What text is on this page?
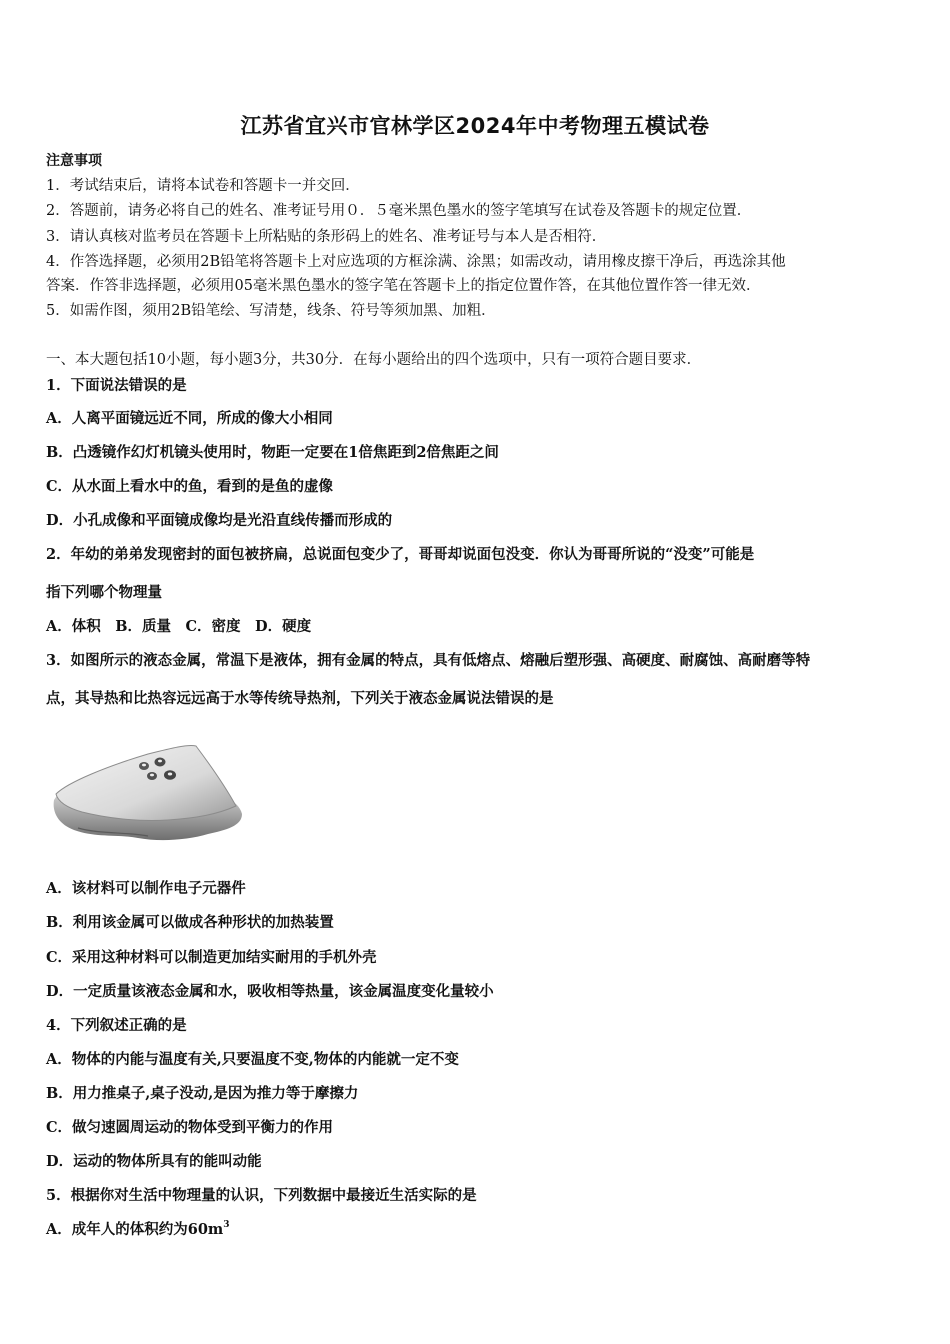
江苏省宜兴市官林学区2024年中考物理五模试卷
注意事项
1．考试结束后，请将本试卷和答题卡一并交回．
2．答题前，请务必将自己的姓名、准考证号用０．５毫米黑色墨水的签字笔填写在试卷及答题卡的规定位置．
3．请认真核对监考员在答题卡上所粘贴的条形码上的姓名、准考证号与本人是否相符．
4．作答选择题，必须用2B铅笔将答题卡上对应选项的方框涂满、涂黑；如需改动，请用橡皮擦干净后，再选涂其他
答案．作答非选择题，必须用05毫米黑色墨水的签字笔在答题卡上的指定位置作答，在其他位置作答一律无效．
5．如需作图，须用2B铅笔绘、写清楚，线条、符号等须加黑、加粗．
一、本大题包括10小题，每小题3分，共30分．在每小题给出的四个选项中，只有一项符合题目要求．
1．下面说法错误的是
A．人离平面镜远近不同，所成的像大小相同
B．凸透镜作幻灯机镜头使用时，物距一定要在1倍焦距到2倍焦距之间
C．从水面上看水中的鱼，看到的是鱼的虚像
D．小孔成像和平面镜成像均是光沿直线传播而形成的
2．年幼的弟弟发现密封的面包被挤扁，总说面包变少了，哥哥却说面包没变．你认为哥哥所说的“没变”可能是
指下列哪个物理量
A．体积　B．质量　C．密度　D．硬度
3．如图所示的液态金属，常温下是液体，拥有金属的特点，具有低熔点、熔融后塑形强、高硬度、耐腐蚀、高耐磨等特
点，其导热和比热容远远高于水等传统导热剂，下列关于液态金属说法错误的是
A．该材料可以制作电子元器件
B．利用该金属可以做成各种形状的加热装置
C．采用这种材料可以制造更加结实耐用的手机外壳
D．一定质量该液态金属和水，吸收相等热量，该金属温度变化量较小
4．下列叙述正确的是
A．物体的内能与温度有关,只要温度不变,物体的内能就一定不变
B．用力推桌子,桌子没动,是因为推力等于摩擦力
C．做匀速圆周运动的物体受到平衡力的作用
D．运动的物体所具有的能叫动能
5．根据你对生活中物理量的认识，下列数据中最接近生活实际的是
A．成年人的体积约为$60m^3$
